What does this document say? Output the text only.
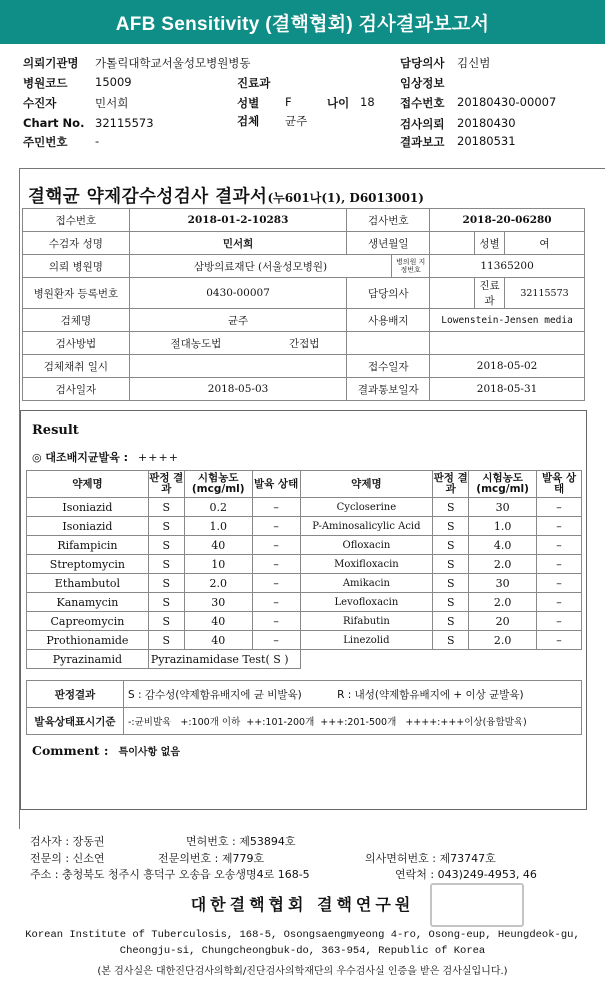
AFB Sensitivity (결핵협회) 검사결과보고서
의뢰기관명 가톨릭대학교서울성모병원병동
병원코드 15009	진료과
수진자	민서희	성별 F	나이 18
Chart No. 32115573	검체 균주
주민번호 -
담당의사 김신범
임상정보
접수번호 20180430-00007
검사의뢰 20180430
결과보고 20180531
결핵균 약제감수성검사 결과서(누601나(1), D6013001)
접수번호	2018-01-2-10283		검사번호		2018-20-06280		
수검자 성명	민서희		생년월일			성별	여
의뢰 병원명	삼방의료재단 (서울성모병원)			병의원 지정번호	11365200		
병원환자 등록번호	0430-00007		담당의사			진료과	32115573
검체명	균주		사용배지		Lowenstein-Jensen media		
검사방법	절대농도법	간접법					
검체채취 일시			접수일자		2018-05-02		
검사일자	2018-05-03		결과통보일자		2018-05-31		
Result
◎ 대조배지균발육 : ++++
약제명	판정 결과	시험농도 (mcg/ml)	발육 상태	약제명	판정 결과	시험농도 (mcg/ml)	발육 상태
Isoniazid	S	0.2	–	Cycloserine	S	30	–
Isoniazid	S	1.0	–	P-Aminosalicylic Acid	S	1.0	–
Rifampicin	S	40	–	Ofloxacin	S	4.0	–
Streptomycin	S	10	–	Moxifloxacin	S	2.0	–
Ethambutol	S	2.0	–	Amikacin	S	30	–
Kanamycin	S	30	–	Levofloxacin	S	2.0	–
Capreomycin	S	40	–	Rifabutin	S	20	–
Prothionamide	S	40	–	Linezolid	S	2.0	–
Pyrazinamid	Pyrazinamidase Test( S )						
판정결과	S : 감수성(약제함유배지에 균 비발육) R : 내성(약제함유배지에 + 이상 균발육)
발육상태표시기준	-:균비발육   +:100개 이하  ++:101-200개  +++:201-500개   ++++:+++이상(융합발육)
Comment : 특이사항 없음
검사자 : 장동권	면허번호 : 제53894호
전문의 : 신소연	전문의번호 : 제779호	의사면허번호 : 제73747호
주소 : 충청북도 청주시 흥덕구 오송읍 오송생명4로 168-5	연락처 : 043)249-4953, 46
대한결핵협회 결핵연구원
Korean Institute of Tuberculosis, 168-5, Osongsaengmyeong 4-ro, Osong-eup, Heungdeok-gu,
Cheongju-si, Chungcheongbuk-do, 363-954, Republic of Korea
(본 검사실은 대한진단검사의학회/진단검사의학재단의 우수검사실 인증을 받은 검사실입니다.)
